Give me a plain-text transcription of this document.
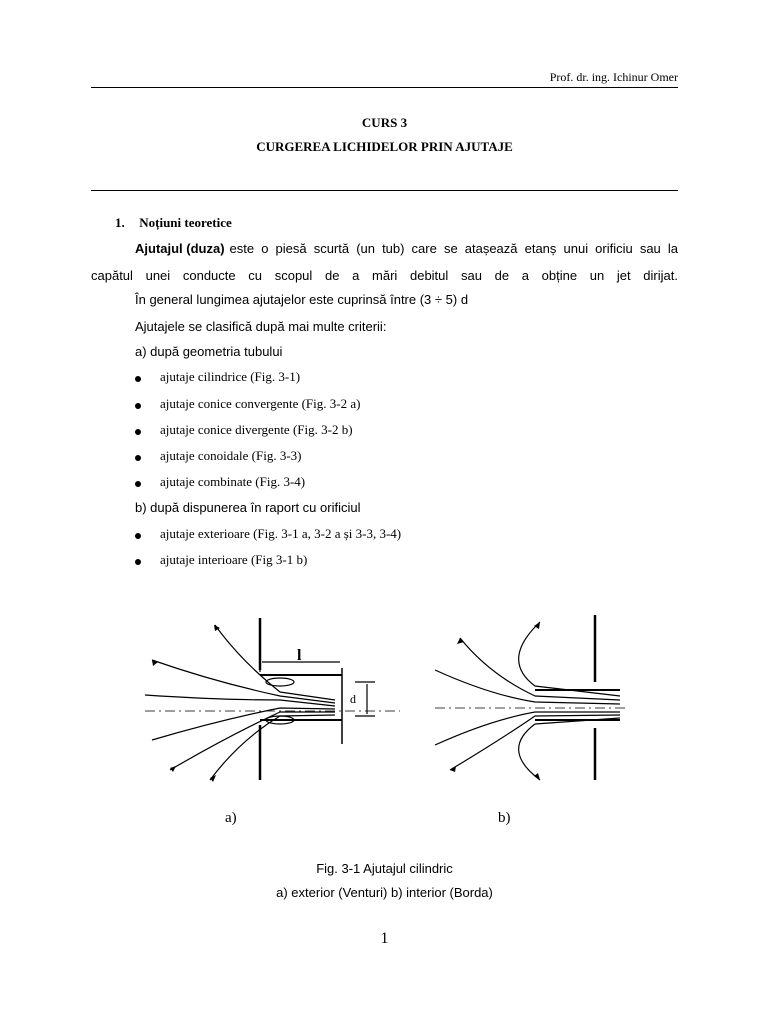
Prof. dr. ing. Ichinur Omer
CURS 3
CURGEREA LICHIDELOR PRIN AJUTAJE
1. Noțiuni teoretice
Ajutajul (duza) este o piesă scurtă (un tub) care se atașează etanș unui orificiu sau la
capătul unei conducte cu scopul de a mări debitul sau de a obține un jet dirijat.
În general lungimea ajutajelor este cuprinsă între (3 ÷ 5) d
Ajutajele se clasifică după mai multe criterii:
a) după geometria tubului
ajutaje cilindrice (Fig. 3-1)
ajutaje conice convergente (Fig. 3-2 a)
ajutaje conice divergente (Fig. 3-2 b)
ajutaje conoidale (Fig. 3-3)
ajutaje combinate (Fig. 3-4)
b) după dispunerea în raport cu orificiul
ajutaje exterioare (Fig. 3-1 a, 3-2 a și 3-3, 3-4)
ajutaje interioare (Fig 3-1 b)
l
d
a)	b)
Fig. 3-1 Ajutajul cilindric
a) exterior (Venturi) b) interior (Borda)
1
